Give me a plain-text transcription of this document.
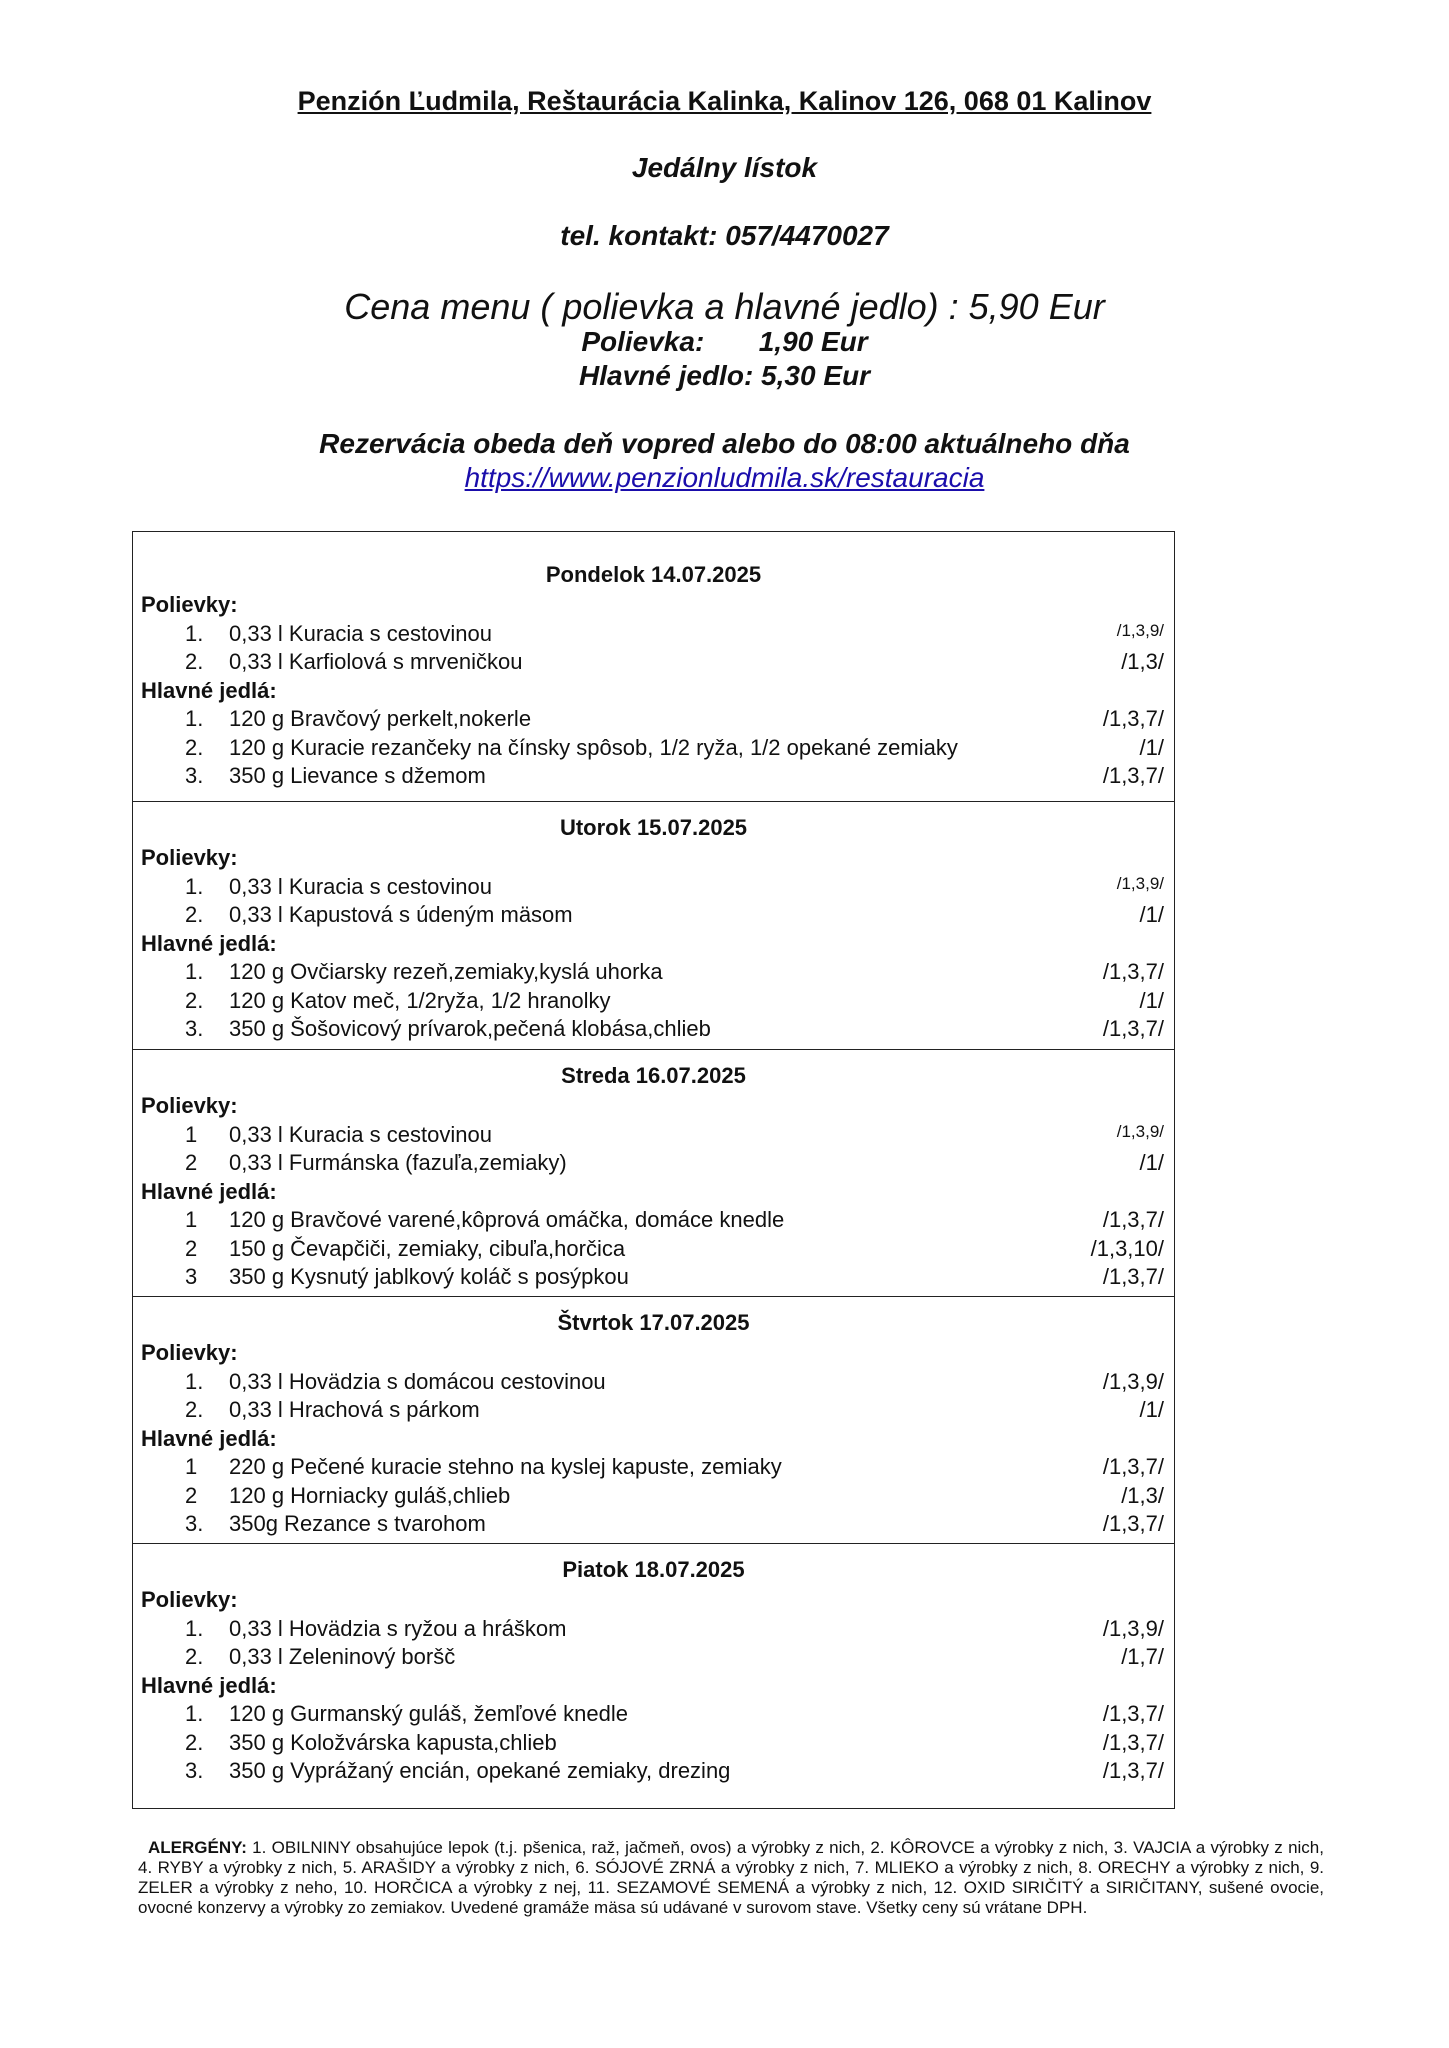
Penzión Ľudmila, Reštaurácia Kalinka, Kalinov 126, 068 01 Kalinov
Jedálny lístok
tel. kontakt: 057/4470027
Cena menu ( polievka a hlavné jedlo) : 5,90 Eur
Polievka:       1,90 Eur
Hlavné jedlo: 5,30 Eur
Rezervácia obeda deň vopred alebo do 08:00 aktuálneho dňa
https://www.penzionludmila.sk/restauracia
Pondelok 14.07.2025
Polievky:
1. 0,33 l Kuracia s cestovinou	/1,3,9/
2. 0,33 l Karfiolová s mrveničkou	/1,3/
Hlavné jedlá:
1. 120 g Bravčový perkelt,nokerle	/1,3,7/
2. 120 g Kuracie rezančeky na čínsky spôsob, 1/2 ryža, 1/2 opekané zemiaky	/1/
3. 350 g Lievance s džemom	/1,3,7/
Utorok 15.07.2025
Polievky:
1. 0,33 l Kuracia s cestovinou	/1,3,9/
2. 0,33 l Kapustová s údeným mäsom	/1/
Hlavné jedlá:
1. 120 g Ovčiarsky rezeň,zemiaky,kyslá uhorka	/1,3,7/
2. 120 g Katov meč, 1/2ryža, 1/2 hranolky	/1/
3. 350 g Šošovicový prívarok,pečená klobása,chlieb	/1,3,7/
Streda 16.07.2025
Polievky:
1 0,33 l Kuracia s cestovinou	/1,3,9/
2 0,33 l Furmánska (fazuľa,zemiaky)	/1/
Hlavné jedlá:
1 120 g Bravčové varené,kôprová omáčka, domáce knedle	/1,3,7/
2 150 g Čevapčiči, zemiaky, cibuľa,horčica	/1,3,10/
3 350 g Kysnutý jablkový koláč s posýpkou	/1,3,7/
Štvrtok 17.07.2025
Polievky:
1. 0,33 l Hovädzia s domácou cestovinou	/1,3,9/
2. 0,33 l Hrachová s párkom	/1/
Hlavné jedlá:
1 220 g Pečené kuracie stehno na kyslej kapuste, zemiaky	/1,3,7/
2 120 g Horniacky guláš,chlieb	/1,3/
3. 350g Rezance s tvarohom	/1,3,7/
Piatok 18.07.2025
Polievky:
1. 0,33 l Hovädzia s ryžou a hráškom	/1,3,9/
2. 0,33 l Zeleninový boršč	/1,7/
Hlavné jedlá:
1. 120 g Gurmanský guláš, žemľové knedle	/1,3,7/
2. 350 g Koložvárska kapusta,chlieb	/1,3,7/
3. 350 g Vyprážaný encián, opekané zemiaky, drezing	/1,3,7/
ALERGÉNY: 1. OBILNINY obsahujúce lepok (t.j. pšenica, raž, jačmeň, ovos) a výrobky z nich, 2. KÔROVCE a výrobky z nich, 3. VAJCIA a výrobky z nich, 4. RYBY a výrobky z nich, 5. ARAŠIDY a výrobky z nich, 6. SÓJOVÉ ZRNÁ a výrobky z nich, 7. MLIEKO a výrobky z nich, 8. ORECHY a výrobky z nich, 9. ZELER a výrobky z neho, 10. HORČICA a výrobky z nej, 11. SEZAMOVÉ SEMENÁ a výrobky z nich, 12. OXID SIRIČITÝ a SIRIČITANY, sušené ovocie, ovocné konzervy a výrobky zo zemiakov. Uvedené gramáže mäsa sú udávané v surovom stave. Všetky ceny sú vrátane DPH.
